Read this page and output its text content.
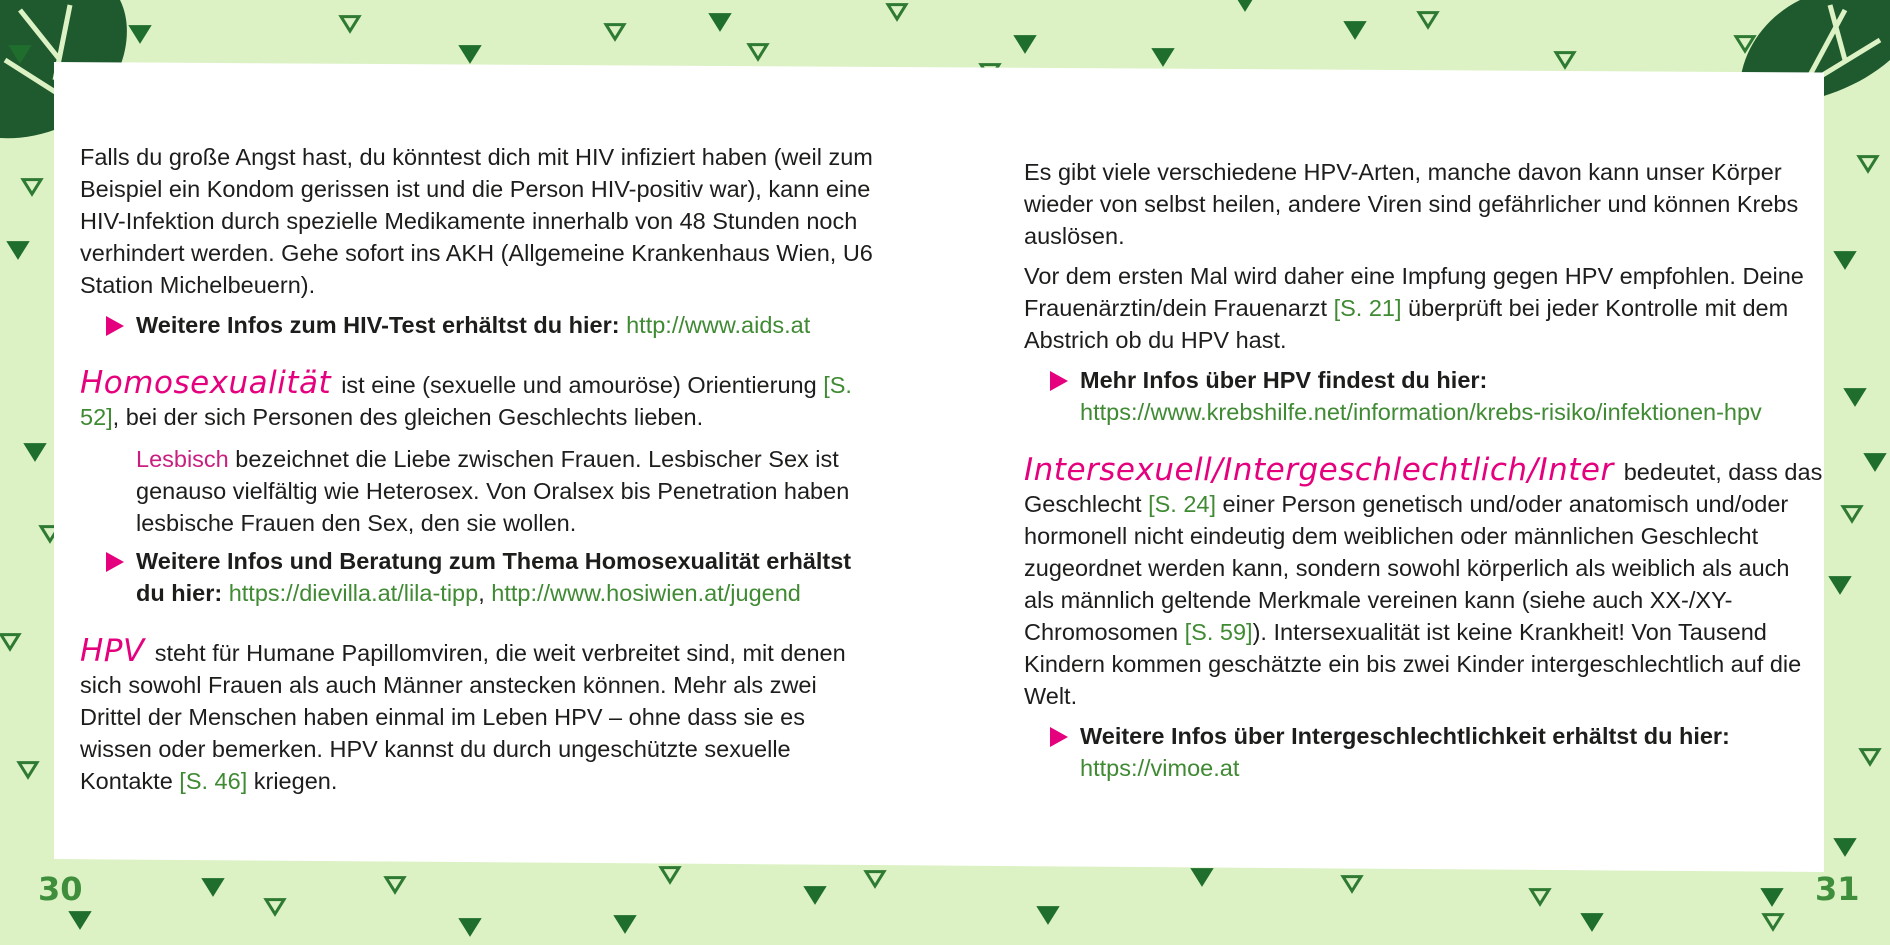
Falls du große Angst hast, du könntest dich mit HIV infiziert haben (weil zum Beispiel ein Kondom gerissen ist und die Person HIV-positiv war), kann eine HIV-Infektion durch spezielle Medikamente innerhalb von 48 Stunden noch verhindert werden. Gehe sofort ins AKH (Allgemeine Krankenhaus Wien, U6 Station Michelbeuern).

Weitere Infos zum HIV-Test erhältst du hier: http://www.aids.at

Homosexualität ist eine (sexuelle und amouröse) Orientierung [S. 52], bei der sich Personen des gleichen Geschlechts lieben.

Lesbisch bezeichnet die Liebe zwischen Frauen. Lesbischer Sex ist genauso vielfältig wie Heterosex. Von Oralsex bis Penetration haben lesbische Frauen den Sex, den sie wollen.

Weitere Infos und Beratung zum Thema Homosexualität erhältst du hier: https://dievilla.at/lila-tipp, http://www.hosiwien.at/jugend

HPV steht für Humane Papillomviren, die weit verbreitet sind, mit denen sich sowohl Frauen als auch Männer anstecken können. Mehr als zwei Drittel der Menschen haben einmal im Leben HPV – ohne dass sie es wissen oder bemerken. HPV kannst du durch ungeschützte sexuelle Kontakte [S. 46] kriegen.

Es gibt viele verschiedene HPV-Arten, manche davon kann unser Körper wieder von selbst heilen, andere Viren sind gefährlicher und können Krebs auslösen.

Vor dem ersten Mal wird daher eine Impfung gegen HPV empfohlen. Deine Frauenärztin/dein Frauenarzt [S. 21] überprüft bei jeder Kontrolle mit dem Abstrich ob du HPV hast.

Mehr Infos über HPV findest du hier:
https://www.krebshilfe.net/information/krebs-risiko/infektionen-hpv

Intersexuell/Intergeschlechtlich/Inter bedeutet, dass das Geschlecht [S. 24] einer Person genetisch und/oder anatomisch und/oder hormonell nicht eindeutig dem weiblichen oder männlichen Geschlecht zugeordnet werden kann, sondern sowohl körperlich als weiblich als auch als männlich geltende Merkmale vereinen kann (siehe auch XX-/XY-Chromosomen [S. 59]). Intersexualität ist keine Krankheit! Von Tausend Kindern kommen geschätzte ein bis zwei Kinder intergeschlechtlich auf die Welt.

Weitere Infos über Intergeschlechtlichkeit erhältst du hier:
https://vimoe.at

30	31
